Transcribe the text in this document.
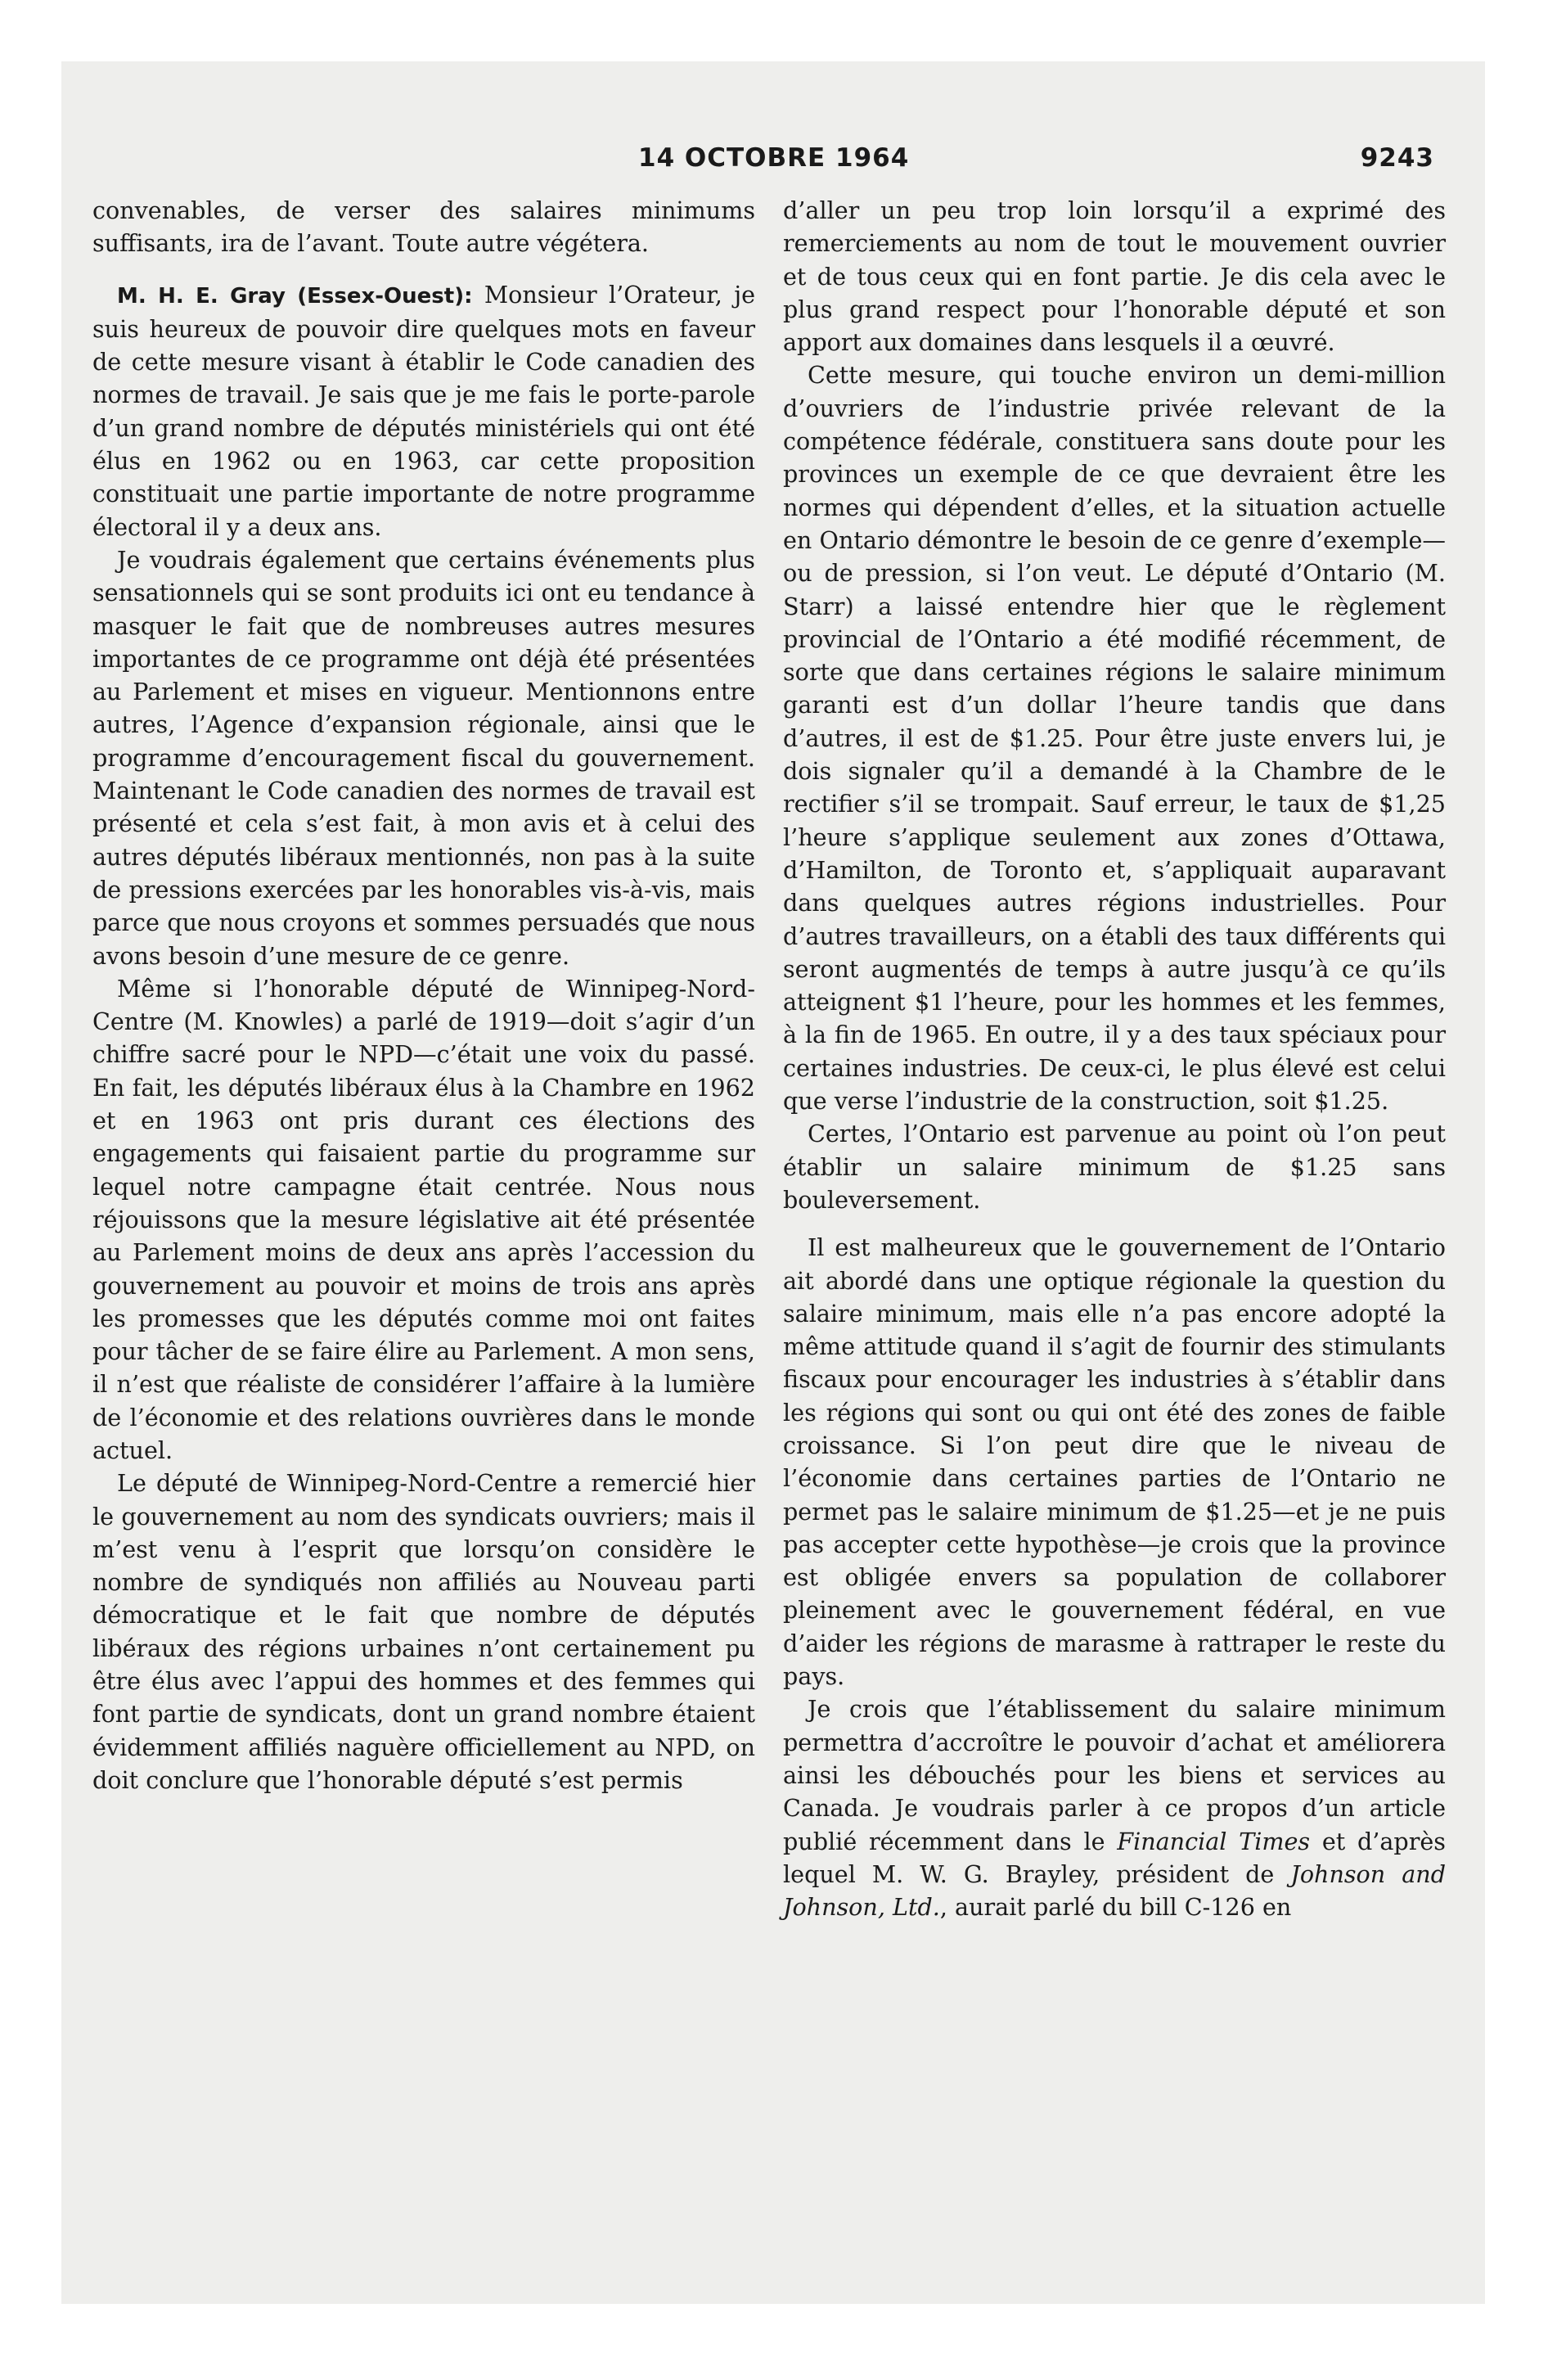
14 OCTOBRE 1964	9243

convenables, de verser des salaires minimums suffisants, ira de l’avant. Toute autre végétera.

M. H. E. Gray (Essex-Ouest): Monsieur l’Orateur, je suis heureux de pouvoir dire quelques mots en faveur de cette mesure visant à établir le Code canadien des normes de travail. Je sais que je me fais le porte-parole d’un grand nombre de députés ministériels qui ont été élus en 1962 ou en 1963, car cette proposition constituait une partie importante de notre programme électoral il y a deux ans.

Je voudrais également que certains événements plus sensationnels qui se sont produits ici ont eu tendance à masquer le fait que de nombreuses autres mesures importantes de ce programme ont déjà été présentées au Parlement et mises en vigueur. Mentionnons entre autres, l’Agence d’expansion régionale, ainsi que le programme d’encouragement fiscal du gouvernement. Maintenant le Code canadien des normes de travail est présenté et cela s’est fait, à mon avis et à celui des autres députés libéraux mentionnés, non pas à la suite de pressions exercées par les honorables vis-à-vis, mais parce que nous croyons et sommes persuadés que nous avons besoin d’une mesure de ce genre.

Même si l’honorable député de Winnipeg-Nord-Centre (M. Knowles) a parlé de 1919—doit s’agir d’un chiffre sacré pour le NPD—c’était une voix du passé. En fait, les députés libéraux élus à la Chambre en 1962 et en 1963 ont pris durant ces élections des engagements qui faisaient partie du programme sur lequel notre campagne était centrée. Nous nous réjouissons que la mesure législative ait été présentée au Parlement moins de deux ans après l’accession du gouvernement au pouvoir et moins de trois ans après les promesses que les députés comme moi ont faites pour tâcher de se faire élire au Parlement. A mon sens, il n’est que réaliste de considérer l’affaire à la lumière de l’économie et des relations ouvrières dans le monde actuel.

Le député de Winnipeg-Nord-Centre a remercié hier le gouvernement au nom des syndicats ouvriers; mais il m’est venu à l’esprit que lorsqu’on considère le nombre de syndiqués non affiliés au Nouveau parti démocratique et le fait que nombre de députés libéraux des régions urbaines n’ont certainement pu être élus avec l’appui des hommes et des femmes qui font partie de syndicats, dont un grand nombre étaient évidemment affiliés naguère officiellement au NPD, on doit conclure que l’honorable député s’est permis

d’aller un peu trop loin lorsqu’il a exprimé des remerciements au nom de tout le mouvement ouvrier et de tous ceux qui en font partie. Je dis cela avec le plus grand respect pour l’honorable député et son apport aux domaines dans lesquels il a œuvré.

Cette mesure, qui touche environ un demi-million d’ouvriers de l’industrie privée relevant de la compétence fédérale, constituera sans doute pour les provinces un exemple de ce que devraient être les normes qui dépendent d’elles, et la situation actuelle en Ontario démontre le besoin de ce genre d’exemple—ou de pression, si l’on veut. Le député d’Ontario (M. Starr) a laissé entendre hier que le règlement provincial de l’Ontario a été modifié récemment, de sorte que dans certaines régions le salaire minimum garanti est d’un dollar l’heure tandis que dans d’autres, il est de $1.25. Pour être juste envers lui, je dois signaler qu’il a demandé à la Chambre de le rectifier s’il se trompait. Sauf erreur, le taux de $1,25 l’heure s’applique seulement aux zones d’Ottawa, d’Hamilton, de Toronto et, s’appliquait auparavant dans quelques autres régions industrielles. Pour d’autres travailleurs, on a établi des taux différents qui seront augmentés de temps à autre jusqu’à ce qu’ils atteignent $1 l’heure, pour les hommes et les femmes, à la fin de 1965. En outre, il y a des taux spéciaux pour certaines industries. De ceux-ci, le plus élevé est celui que verse l’industrie de la construction, soit $1.25.

Certes, l’Ontario est parvenue au point où l’on peut établir un salaire minimum de $1.25 sans bouleversement.

Il est malheureux que le gouvernement de l’Ontario ait abordé dans une optique régionale la question du salaire minimum, mais elle n’a pas encore adopté la même attitude quand il s’agit de fournir des stimulants fiscaux pour encourager les industries à s’établir dans les régions qui sont ou qui ont été des zones de faible croissance. Si l’on peut dire que le niveau de l’économie dans certaines parties de l’Ontario ne permet pas le salaire minimum de $1.25—et je ne puis pas accepter cette hypothèse—je crois que la province est obligée envers sa population de collaborer pleinement avec le gouvernement fédéral, en vue d’aider les régions de marasme à rattraper le reste du pays.

Je crois que l’établissement du salaire minimum permettra d’accroître le pouvoir d’achat et améliorera ainsi les débouchés pour les biens et services au Canada. Je voudrais parler à ce propos d’un article publié récemment dans le Financial Times et d’après lequel M. W. G. Brayley, président de Johnson and Johnson, Ltd., aurait parlé du bill C-126 en
